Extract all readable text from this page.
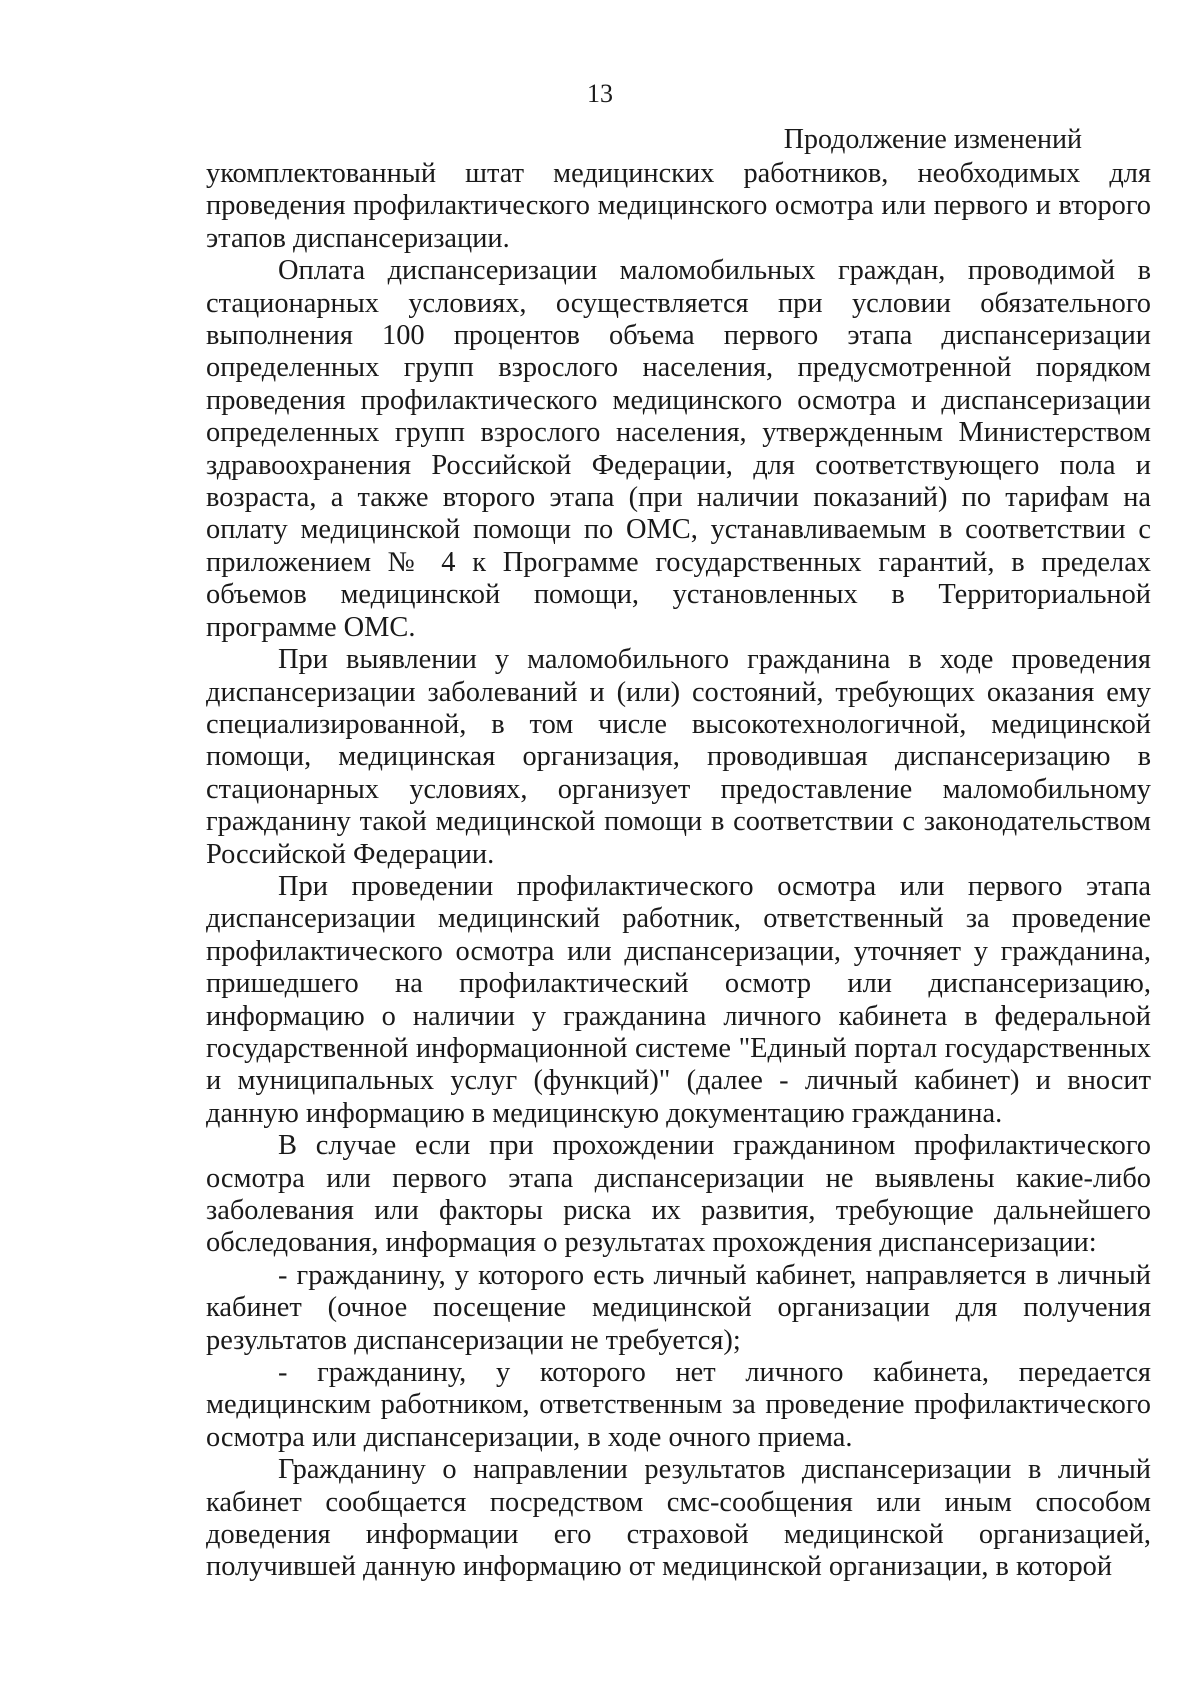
13
Продолжение изменений

укомплектованный штат медицинских работников, необходимых для проведения профилактического медицинского осмотра или первого и второго этапов диспансеризации.

Оплата диспансеризации маломобильных граждан, проводимой в стационарных условиях, осуществляется при условии обязательного выполнения 100 процентов объема первого этапа диспансеризации определенных групп взрослого населения, предусмотренной порядком проведения профилактического медицинского осмотра и диспансеризации определенных групп взрослого населения, утвержденным Министерством здравоохранения Российской Федерации, для соответствующего пола и возраста, а также второго этапа (при наличии показаний) по тарифам на оплату медицинской помощи по ОМС, устанавливаемым в соответствии с приложением № 4 к Программе государственных гарантий, в пределах объемов медицинской помощи, установленных в Территориальной программе ОМС.

При выявлении у маломобильного гражданина в ходе проведения диспансеризации заболеваний и (или) состояний, требующих оказания ему специализированной, в том числе высокотехнологичной, медицинской помощи, медицинская организация, проводившая диспансеризацию в стационарных условиях, организует предоставление маломобильному гражданину такой медицинской помощи в соответствии с законодательством Российской Федерации.

При проведении профилактического осмотра или первого этапа диспансеризации медицинский работник, ответственный за проведение профилактического осмотра или диспансеризации, уточняет у гражданина, пришедшего на профилактический осмотр или диспансеризацию, информацию о наличии у гражданина личного кабинета в федеральной государственной информационной системе "Единый портал государственных и муниципальных услуг (функций)" (далее - личный кабинет) и вносит данную информацию в медицинскую документацию гражданина.

В случае если при прохождении гражданином профилактического осмотра или первого этапа диспансеризации не выявлены какие-либо заболевания или факторы риска их развития, требующие дальнейшего обследования, информация о результатах прохождения диспансеризации:

- гражданину, у которого есть личный кабинет, направляется в личный кабинет (очное посещение медицинской организации для получения результатов диспансеризации не требуется);

- гражданину, у которого нет личного кабинета, передается медицинским работником, ответственным за проведение профилактического осмотра или диспансеризации, в ходе очного приема.

Гражданину о направлении результатов диспансеризации в личный кабинет сообщается посредством смс-сообщения или иным способом доведения информации его страховой медицинской организацией, получившей данную информацию от медицинской организации, в которой
